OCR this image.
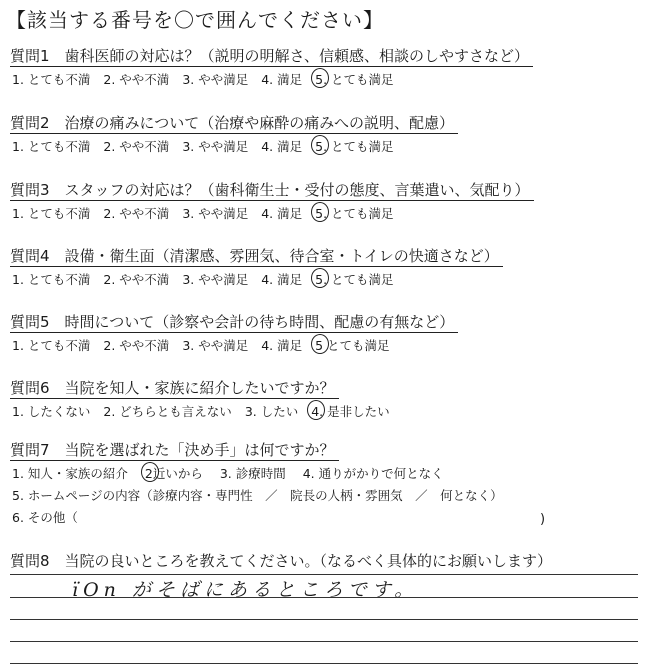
【該当する番号を〇で囲んでください】
質問1　歯科医師の対応は？（説明の明解さ、信頼感、相談のしやすさなど）
1. とても不満 2. やや不満 3. やや満足 4. 満足 5.
とても満足
質問2　治療の痛みについて（治療や麻酔の痛みへの説明、配慮）
1. とても不満 2. やや不満 3. やや満足 4. 満足 5.
とても満足
質問3　スタッフの対応は？（歯科衛生士・受付の態度、言葉遣い、気配り）
1. とても不満 2. やや不満 3. やや満足 4. 満足 5.
とても満足
質問4　設備・衛生面（清潔感、雰囲気、待合室・トイレの快適さなど）
1. とても不満 2. やや不満 3. やや満足 4. 満足 5.
とても満足
質問5　時間について（診察や会計の待ち時間、配慮の有無など）
1. とても不満 2. やや不満 3. やや満足 4. 満足 5
とても満足
質問6　当院を知人・家族に紹介したいですか？
1. したくない 2. どちらとも言えない 3. したい 4.
是非したい
質問7　当院を選ばれた「決め手」は何ですか？
1. 知人・家族の紹介 2
近いから 3. 診療時間 4. 通りがかりで何となく
5. ホームページの内容（診療内容・専門性　／　院長の人柄・雰囲気　／　何となく）
6. その他（	)
質問8　当院の良いところを教えてください。（なるべく具体的にお願いします）
ïOn がそばにあるところです。
